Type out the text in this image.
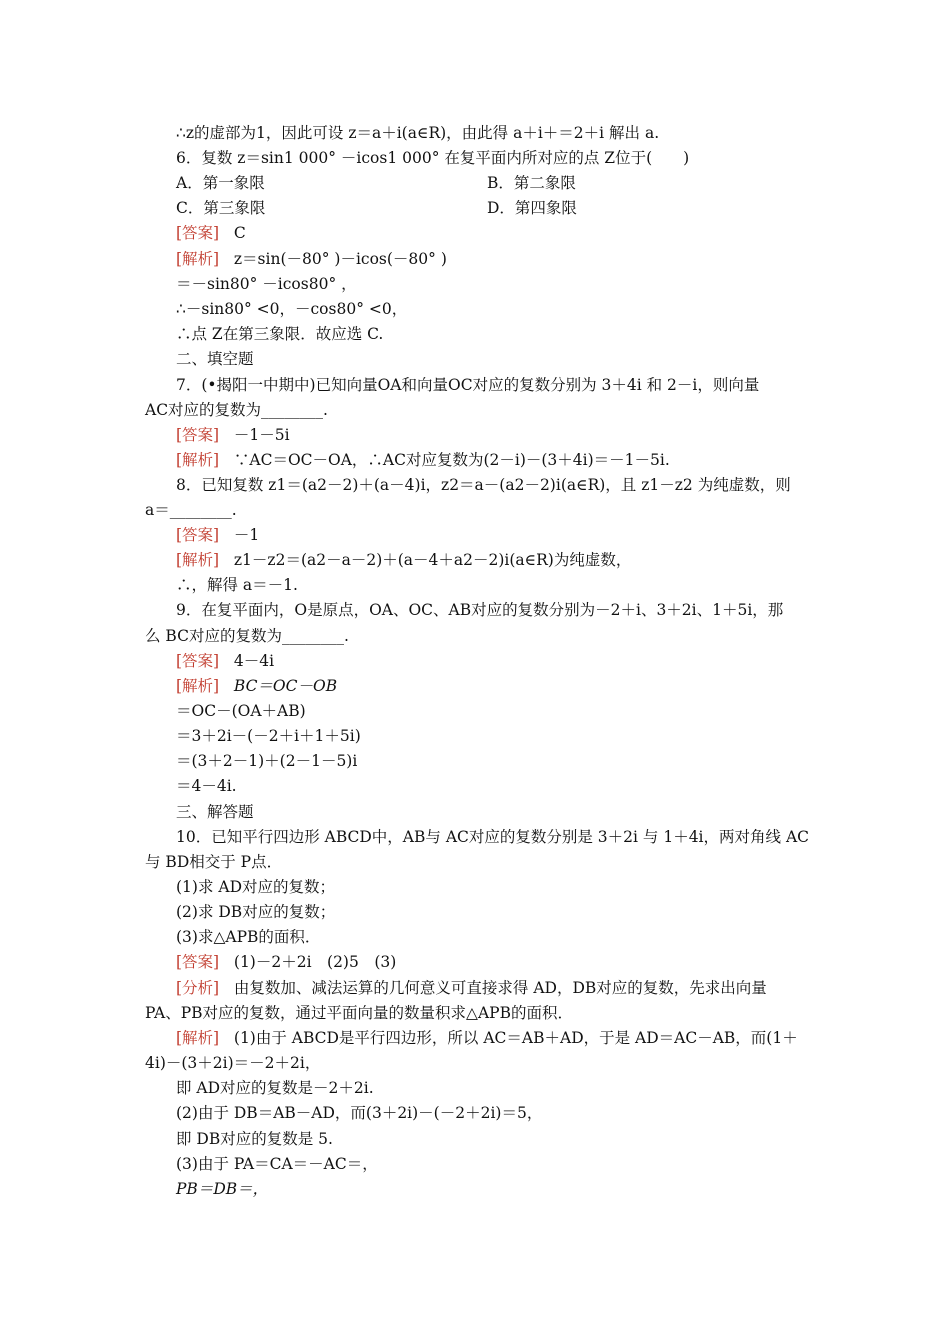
∴z的虚部为1，因此可设 z＝a＋i(a∈R)，由此得 a＋i＋＝2＋i 解出 a.
6．复数 z＝sin1 000° －icos1 000° 在复平面内所对应的点 Z位于(　　)
A．第一象限	B．第二象限
C．第三象限	D．第四象限
[答案] C
[解析] z＝sin(－80° )－icos(－80° )
＝－sin80° －icos80° ，
∴－sin80° <0，－cos80° <0，
∴点 Z在第三象限．故应选 C.
二、填空题
7．(•揭阳一中期中)已知向量OA和向量OC对应的复数分别为 3＋4i 和 2－i，则向量
AC对应的复数为________.
[答案] －1－5i
[解析] ∵AC＝OC－OA，∴AC对应复数为(2－i)－(3＋4i)＝－1－5i.
8．已知复数 z1＝(a2－2)＋(a－4)i，z2＝a－(a2－2)i(a∈R)，且 z1－z2 为纯虚数，则
a＝________.
[答案] －1
[解析] z1－z2＝(a2－a－2)＋(a－4＋a2－2)i(a∈R)为纯虚数，
∴，解得 a＝－1.
9．在复平面内，O是原点，OA、OC、AB对应的复数分别为－2＋i、3＋2i、1＋5i，那
么 BC对应的复数为________.
[答案] 4－4i
[解析] BC＝OC－OB
＝OC－(OA＋AB)
＝3＋2i－(－2＋i＋1＋5i)
＝(3＋2－1)＋(2－1－5)i
＝4－4i.
三、解答题
10．已知平行四边形 ABCD中，AB与 AC对应的复数分别是 3＋2i 与 1＋4i，两对角线 AC
与 BD相交于 P点．
(1)求 AD对应的复数；
(2)求 DB对应的复数；
(3)求△APB的面积．
[答案] (1)－2＋2i　(2)5　(3)
[分析] 由复数加、减法运算的几何意义可直接求得 AD，DB对应的复数，先求出向量
PA、PB对应的复数，通过平面向量的数量积求△APB的面积．
[解析] (1)由于 ABCD是平行四边形，所以 AC＝AB＋AD，于是 AD＝AC－AB，而(1＋
4i)－(3＋2i)＝－2＋2i，
即 AD对应的复数是－2＋2i.
(2)由于 DB＝AB－AD，而(3＋2i)－(－2＋2i)＝5，
即 DB对应的复数是 5.
(3)由于 PA＝CA＝－AC＝，
PB＝DB＝，
